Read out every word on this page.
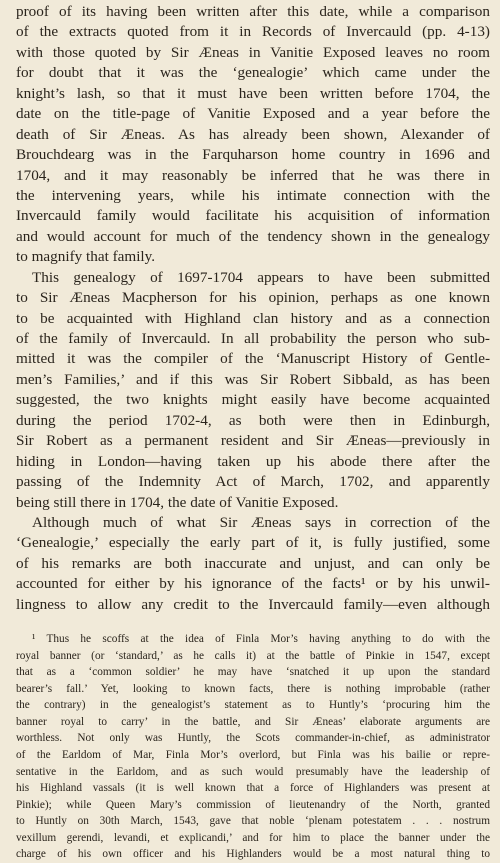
proof of its having been written after this date, while a comparison
of the extracts quoted from it in Records of Invercauld (pp. 4-13)
with those quoted by Sir Æneas in Vanitie Exposed leaves no room
for doubt that it was the ‘genealogie’ which came under the
knight’s lash, so that it must have been written before 1704, the
date on the title-page of Vanitie Exposed and a year before the
death of Sir Æneas. As has already been shown, Alexander of
Brouchdearg was in the Farquharson home country in 1696 and
1704, and it may reasonably be inferred that he was there in
the intervening years, while his intimate connection with the
Invercauld family would facilitate his acquisition of information
and would account for much of the tendency shown in the genealogy
to magnify that family.
This genealogy of 1697-1704 appears to have been submitted
to Sir Æneas Macpherson for his opinion, perhaps as one known
to be acquainted with Highland clan history and as a connection
of the family of Invercauld. In all probability the person who sub-
mitted it was the compiler of the ‘Manuscript History of Gentle-
men’s Families,’ and if this was Sir Robert Sibbald, as has been
suggested, the two knights might easily have become acquainted
during the period 1702-4, as both were then in Edinburgh,
Sir Robert as a permanent resident and Sir Æneas—previously in
hiding in London—having taken up his abode there after the
passing of the Indemnity Act of March, 1702, and apparently
being still there in 1704, the date of Vanitie Exposed.
Although much of what Sir Æneas says in correction of the
‘Genealogie,’ especially the early part of it, is fully justified, some
of his remarks are both inaccurate and unjust, and can only be
accounted for either by his ignorance of the facts¹ or by his unwil-
lingness to allow any credit to the Invercauld family—even although
¹ Thus he scoffs at the idea of Finla Mor’s having anything to do with the
royal banner (or ‘standard,’ as he calls it) at the battle of Pinkie in 1547, except
that as a ‘common soldier’ he may have ‘snatched it up upon the standard
bearer’s fall.’ Yet, looking to known facts, there is nothing improbable (rather
the contrary) in the genealogist’s statement as to Huntly’s ‘procuring him the
banner royal to carry’ in the battle, and Sir Æneas’ elaborate arguments are
worthless. Not only was Huntly, the Scots commander-in-chief, as administrator
of the Earldom of Mar, Finla Mor’s overlord, but Finla was his bailie or repre-
sentative in the Earldom, and as such would presumably have the leadership of
his Highland vassals (it is well known that a force of Highlanders was present at
Pinkie); while Queen Mary’s commission of lieutenandry of the North, granted
to Huntly on 30th March, 1543, gave that noble ‘plenam potestatem . . . nostrum
vexillum gerendi, levandi, et explicandi,’ and for him to place the banner under the
charge of his own officer and his Highlanders would be a most natural thing to
